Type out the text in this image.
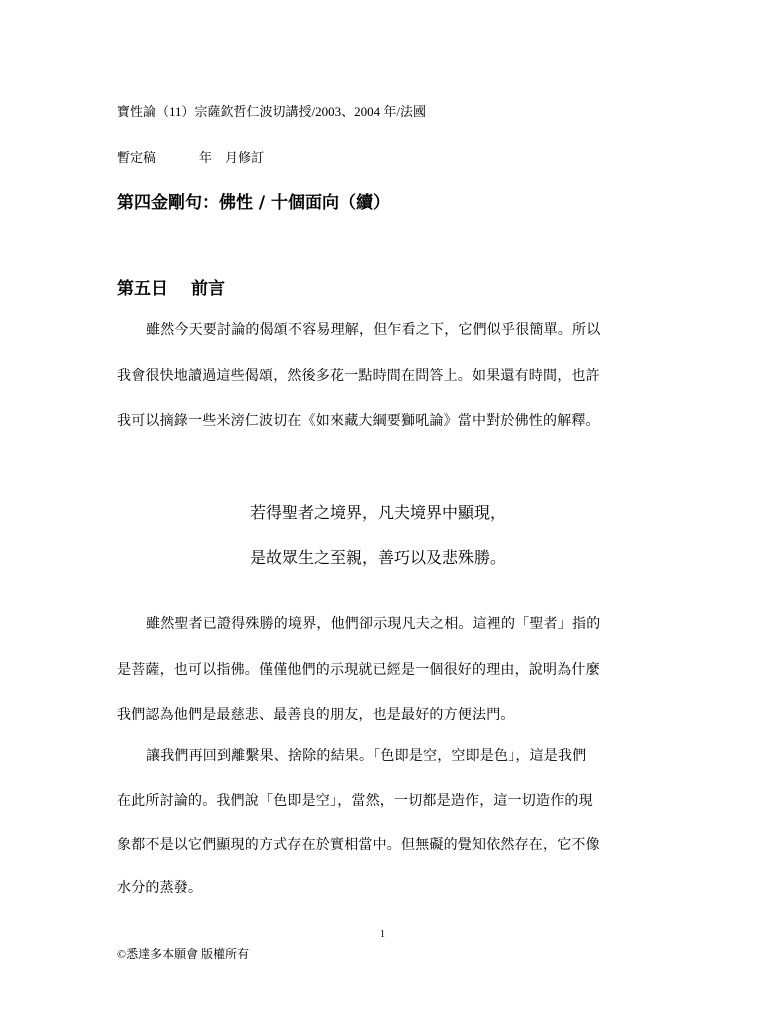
寶性論（11）宗薩欽哲仁波切講授/2003、2004 年/法國

暫定稿	年 月修訂

第四金剛句：佛性 / 十個面向（續）
第五日 前言

雖然今天要討論的偈頌不容易理解，但乍看之下，它們似乎很簡單。所以

我會很快地讀過這些偈頌，然後多花一點時間在問答上。如果還有時間，也許

我可以摘錄一些米滂仁波切在《如來藏大綱要獅吼論》當中對於佛性的解釋。

若得聖者之境界，凡夫境界中顯現，

是故眾生之至親，善巧以及悲殊勝。

雖然聖者已證得殊勝的境界，他們卻示現凡夫之相。這裡的「聖者」指的

是菩薩，也可以指佛。僅僅他們的示現就已經是一個很好的理由，說明為什麼

我們認為他們是最慈悲、最善良的朋友，也是最好的方便法門。

讓我們再回到離繫果、捨除的結果。「色即是空，空即是色」，這是我們

在此所討論的。我們說「色即是空」，當然，一切都是造作，這一切造作的現

象都不是以它們顯現的方式存在於實相當中。但無礙的覺知依然存在，它不像

水分的蒸發。

1

©悉達多本願會 版權所有
